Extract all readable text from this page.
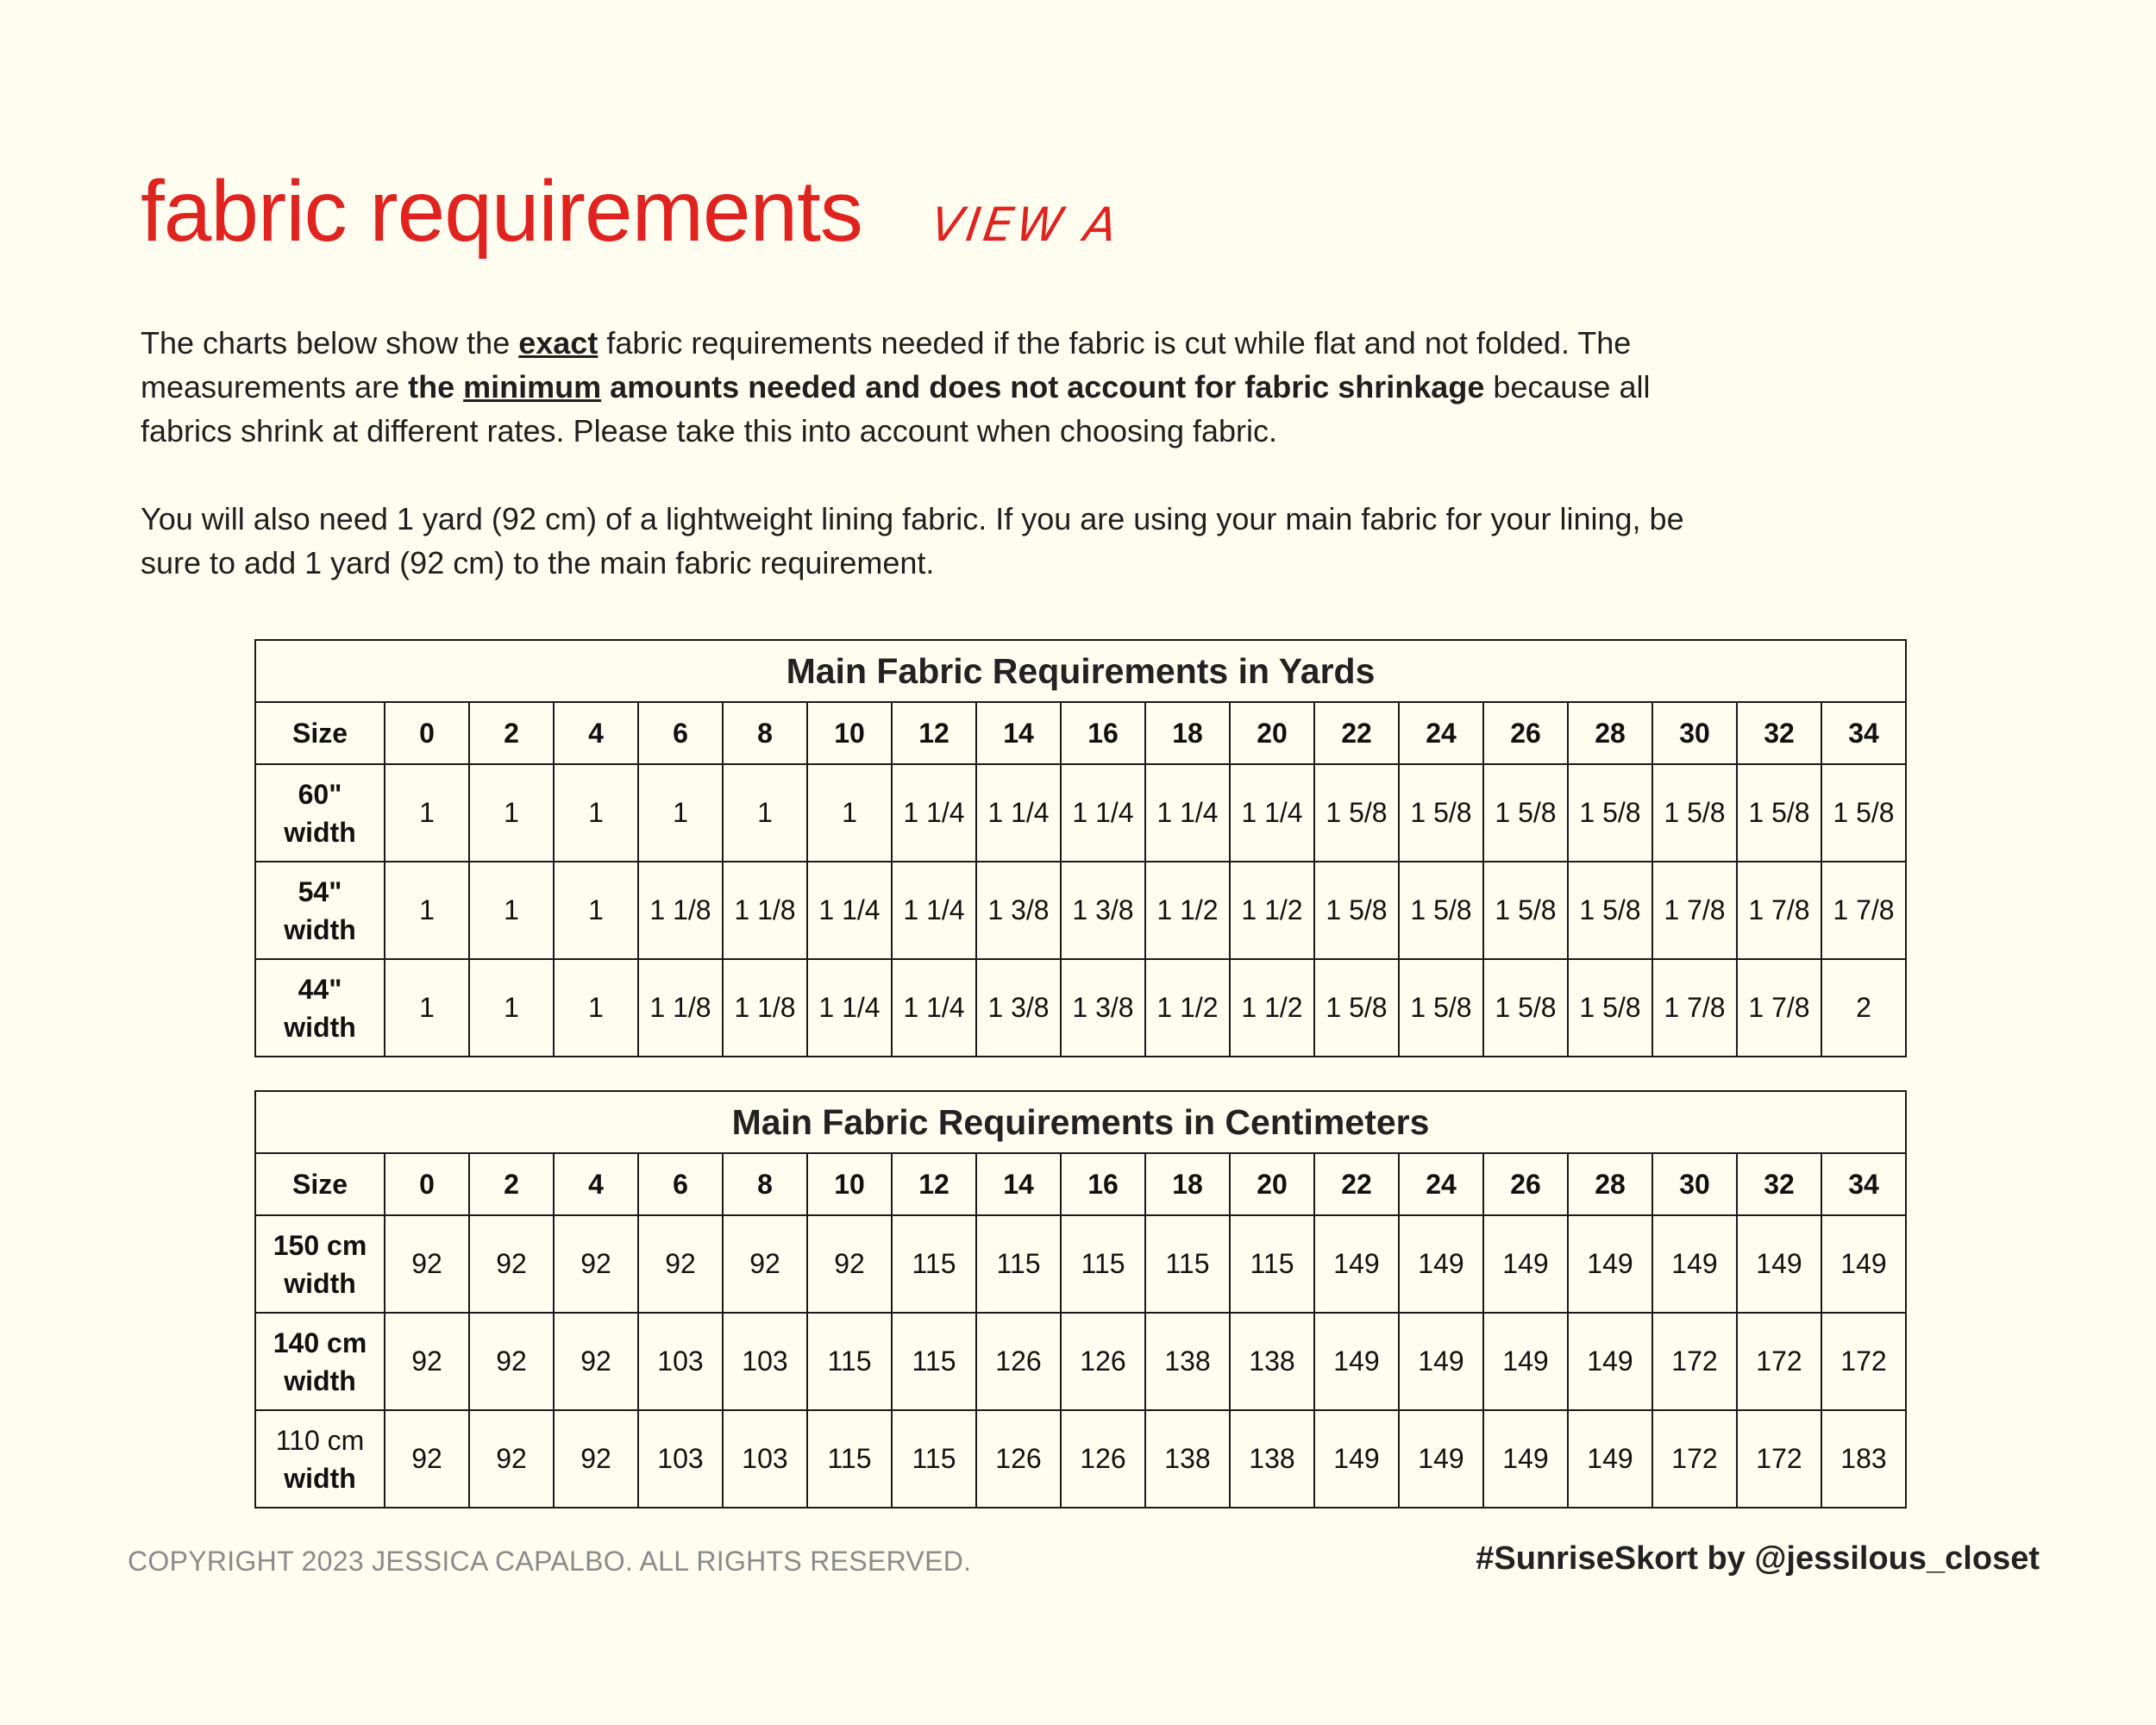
fabric requirements VIEW A

The charts below show the exact fabric requirements needed if the fabric is cut while flat and not folded. The measurements are the minimum amounts needed and does not account for fabric shrinkage because all fabrics shrink at different rates. Please take this into account when choosing fabric.

You will also need 1 yard (92 cm) of a lightweight lining fabric. If you are using your main fabric for your lining, be sure to add 1 yard (92 cm) to the main fabric requirement.

Main Fabric Requirements in Yards																		
Size	0	2	4	6	8	10	12	14	16	18	20	22	24	26	28	30	32	34

60"
width	1	1	1	1	1	1	1 1/4	1 1/4	1 1/4	1 1/4	1 1/4	1 5/8	1 5/8	1 5/8	1 5/8	1 5/8	1 5/8	1 5/8

54"
width	1	1	1	1 1/8	1 1/8	1 1/4	1 1/4	1 3/8	1 3/8	1 1/2	1 1/2	1 5/8	1 5/8	1 5/8	1 5/8	1 7/8	1 7/8	1 7/8

44"
width	1	1	1	1 1/8	1 1/8	1 1/4	1 1/4	1 3/8	1 3/8	1 1/2	1 1/2	1 5/8	1 5/8	1 5/8	1 5/8	1 7/8	1 7/8	2
Main Fabric Requirements in Centimeters																		
Size	0	2	4	6	8	10	12	14	16	18	20	22	24	26	28	30	32	34

150 cm
width	92	92	92	92	92	92	115	115	115	115	115	149	149	149	149	149	149	149

140 cm
width	92	92	92	103	103	115	115	126	126	138	138	149	149	149	149	172	172	172

110 cm
width	92	92	92	103	103	115	115	126	126	138	138	149	149	149	149	172	172	183
COPYRIGHT 2023 JESSICA CAPALBO. ALL RIGHTS RESERVED.	#SunriseSkort by @jessilous_closet
